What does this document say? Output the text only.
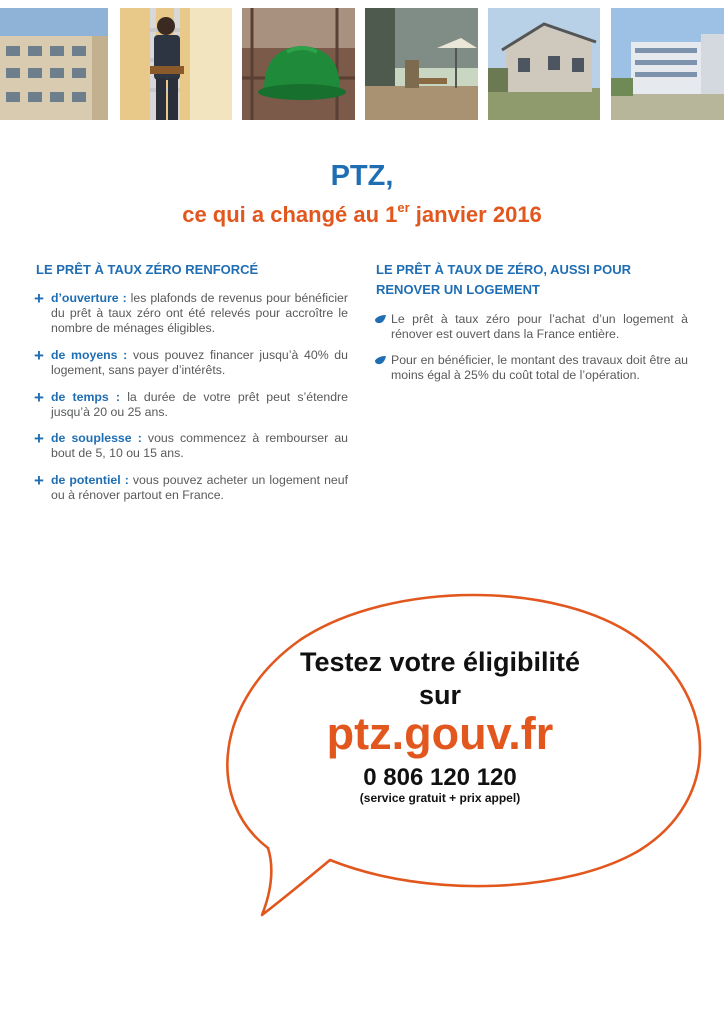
PTZ,
ce qui a changé au 1er janvier 2016
LE PRÊT À TAUX ZÉRO RENFORCÉ
+ d’ouverture : les plafonds de revenus pour bénéficier du prêt à taux zéro ont été relevés pour accroître le nombre de ménages éligibles.
+ de moyens : vous pouvez financer jusqu’à 40% du logement, sans payer d’intérêts.
+ de temps : la durée de votre prêt peut s’étendre jusqu’à 20 ou 25 ans.
+ de souplesse : vous commencez à rembourser au bout de 5, 10 ou 15 ans.
+ de potentiel : vous pouvez acheter un logement neuf ou à rénover partout en France.
LE PRÊT À TAUX DE ZÉRO, AUSSI POUR
RENOVER UN LOGEMENT
Le prêt à taux zéro pour l’achat d’un logement à rénover est ouvert dans la France entière.
Pour en bénéficier, le montant des travaux doit être au moins égal à 25% du coût total de l’opération.
Testez votre éligibilité
sur
ptz.gouv.fr
0 806 120 120
(service gratuit + prix appel)
